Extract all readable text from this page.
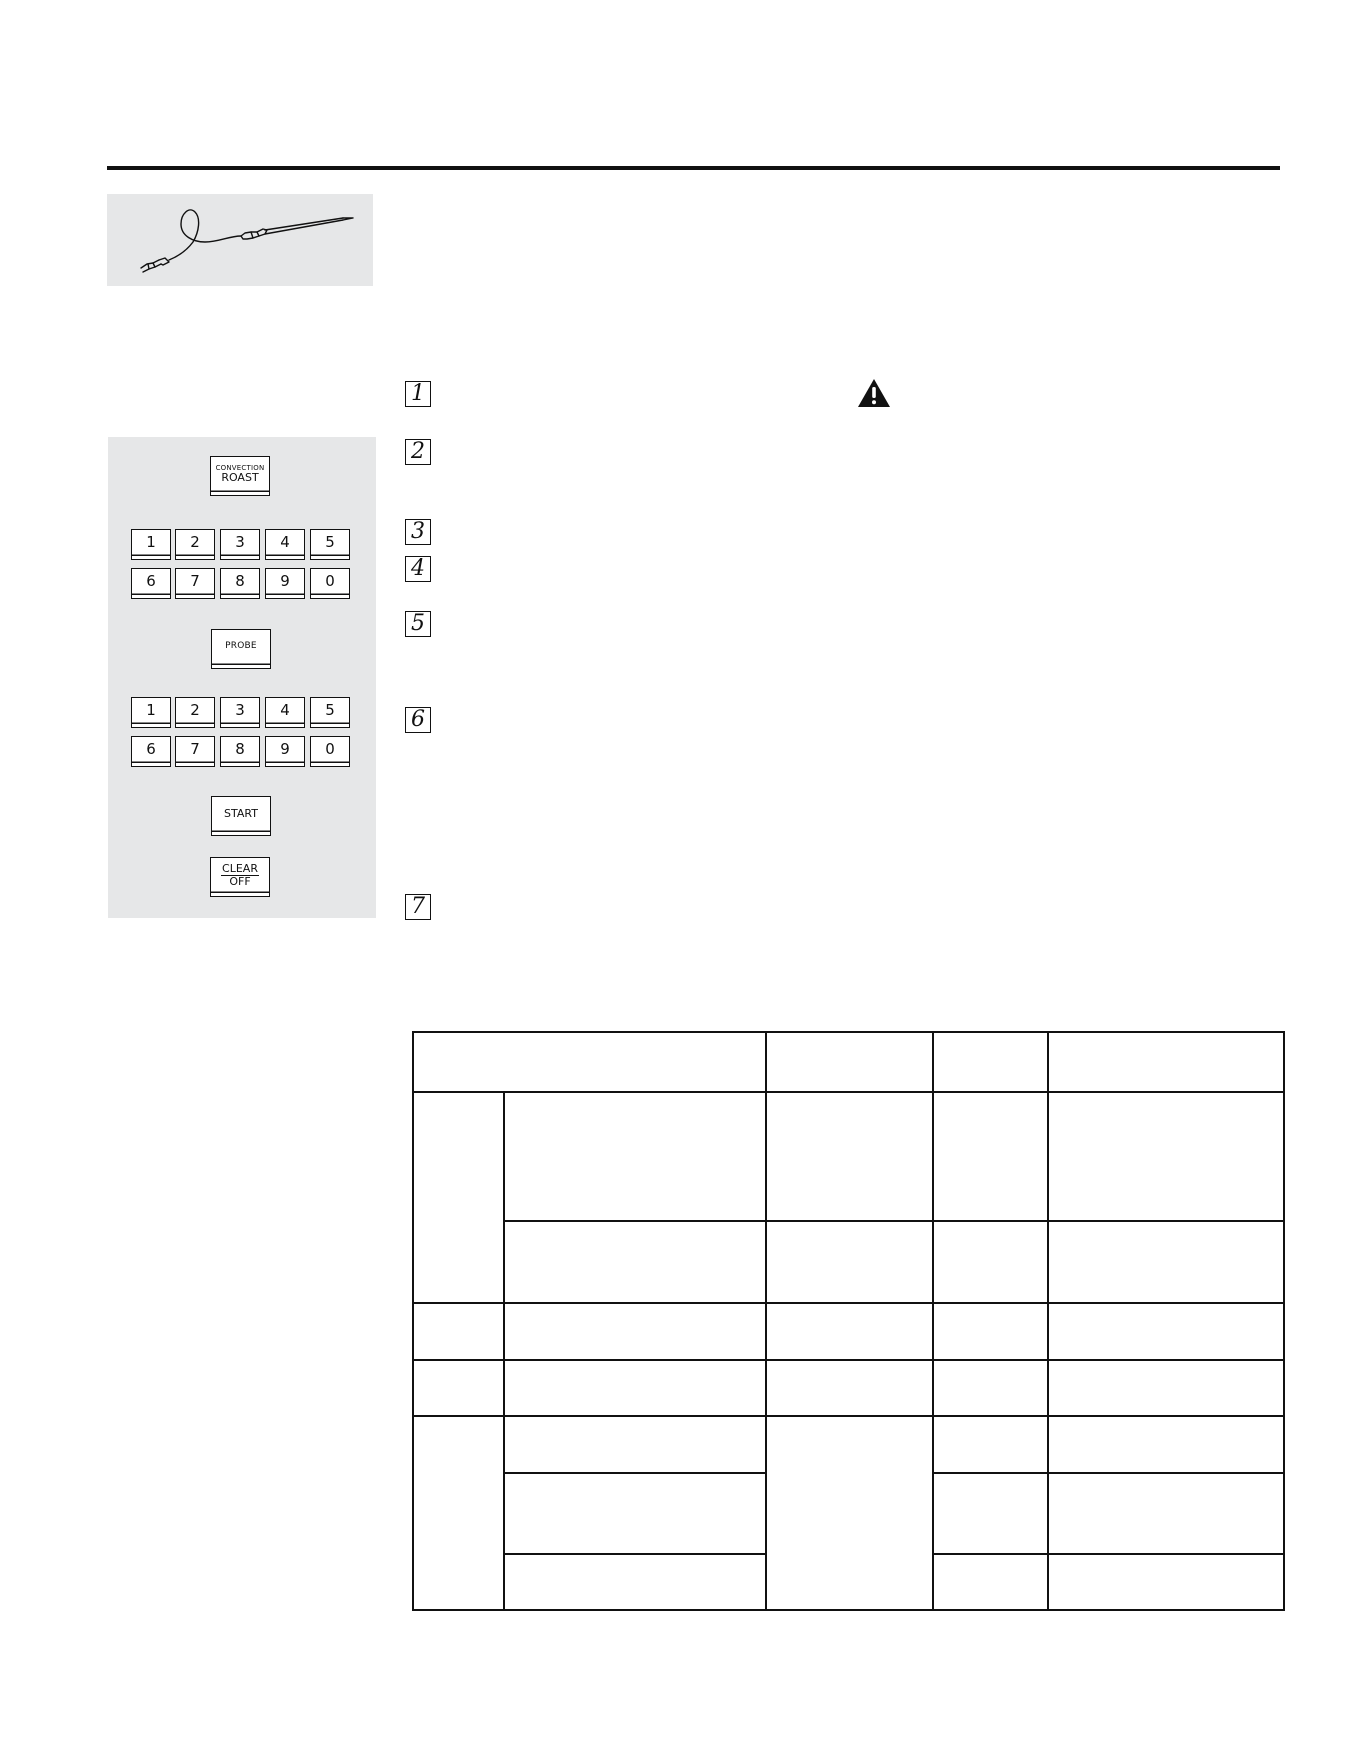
CONVECTION
ROAST
1 2 3 4 5
6 7 8 9 0
PROBE
1 2 3 4 5
6 7 8 9 0
START
CLEAR
OFF
1
2
3
4
5
6
7
